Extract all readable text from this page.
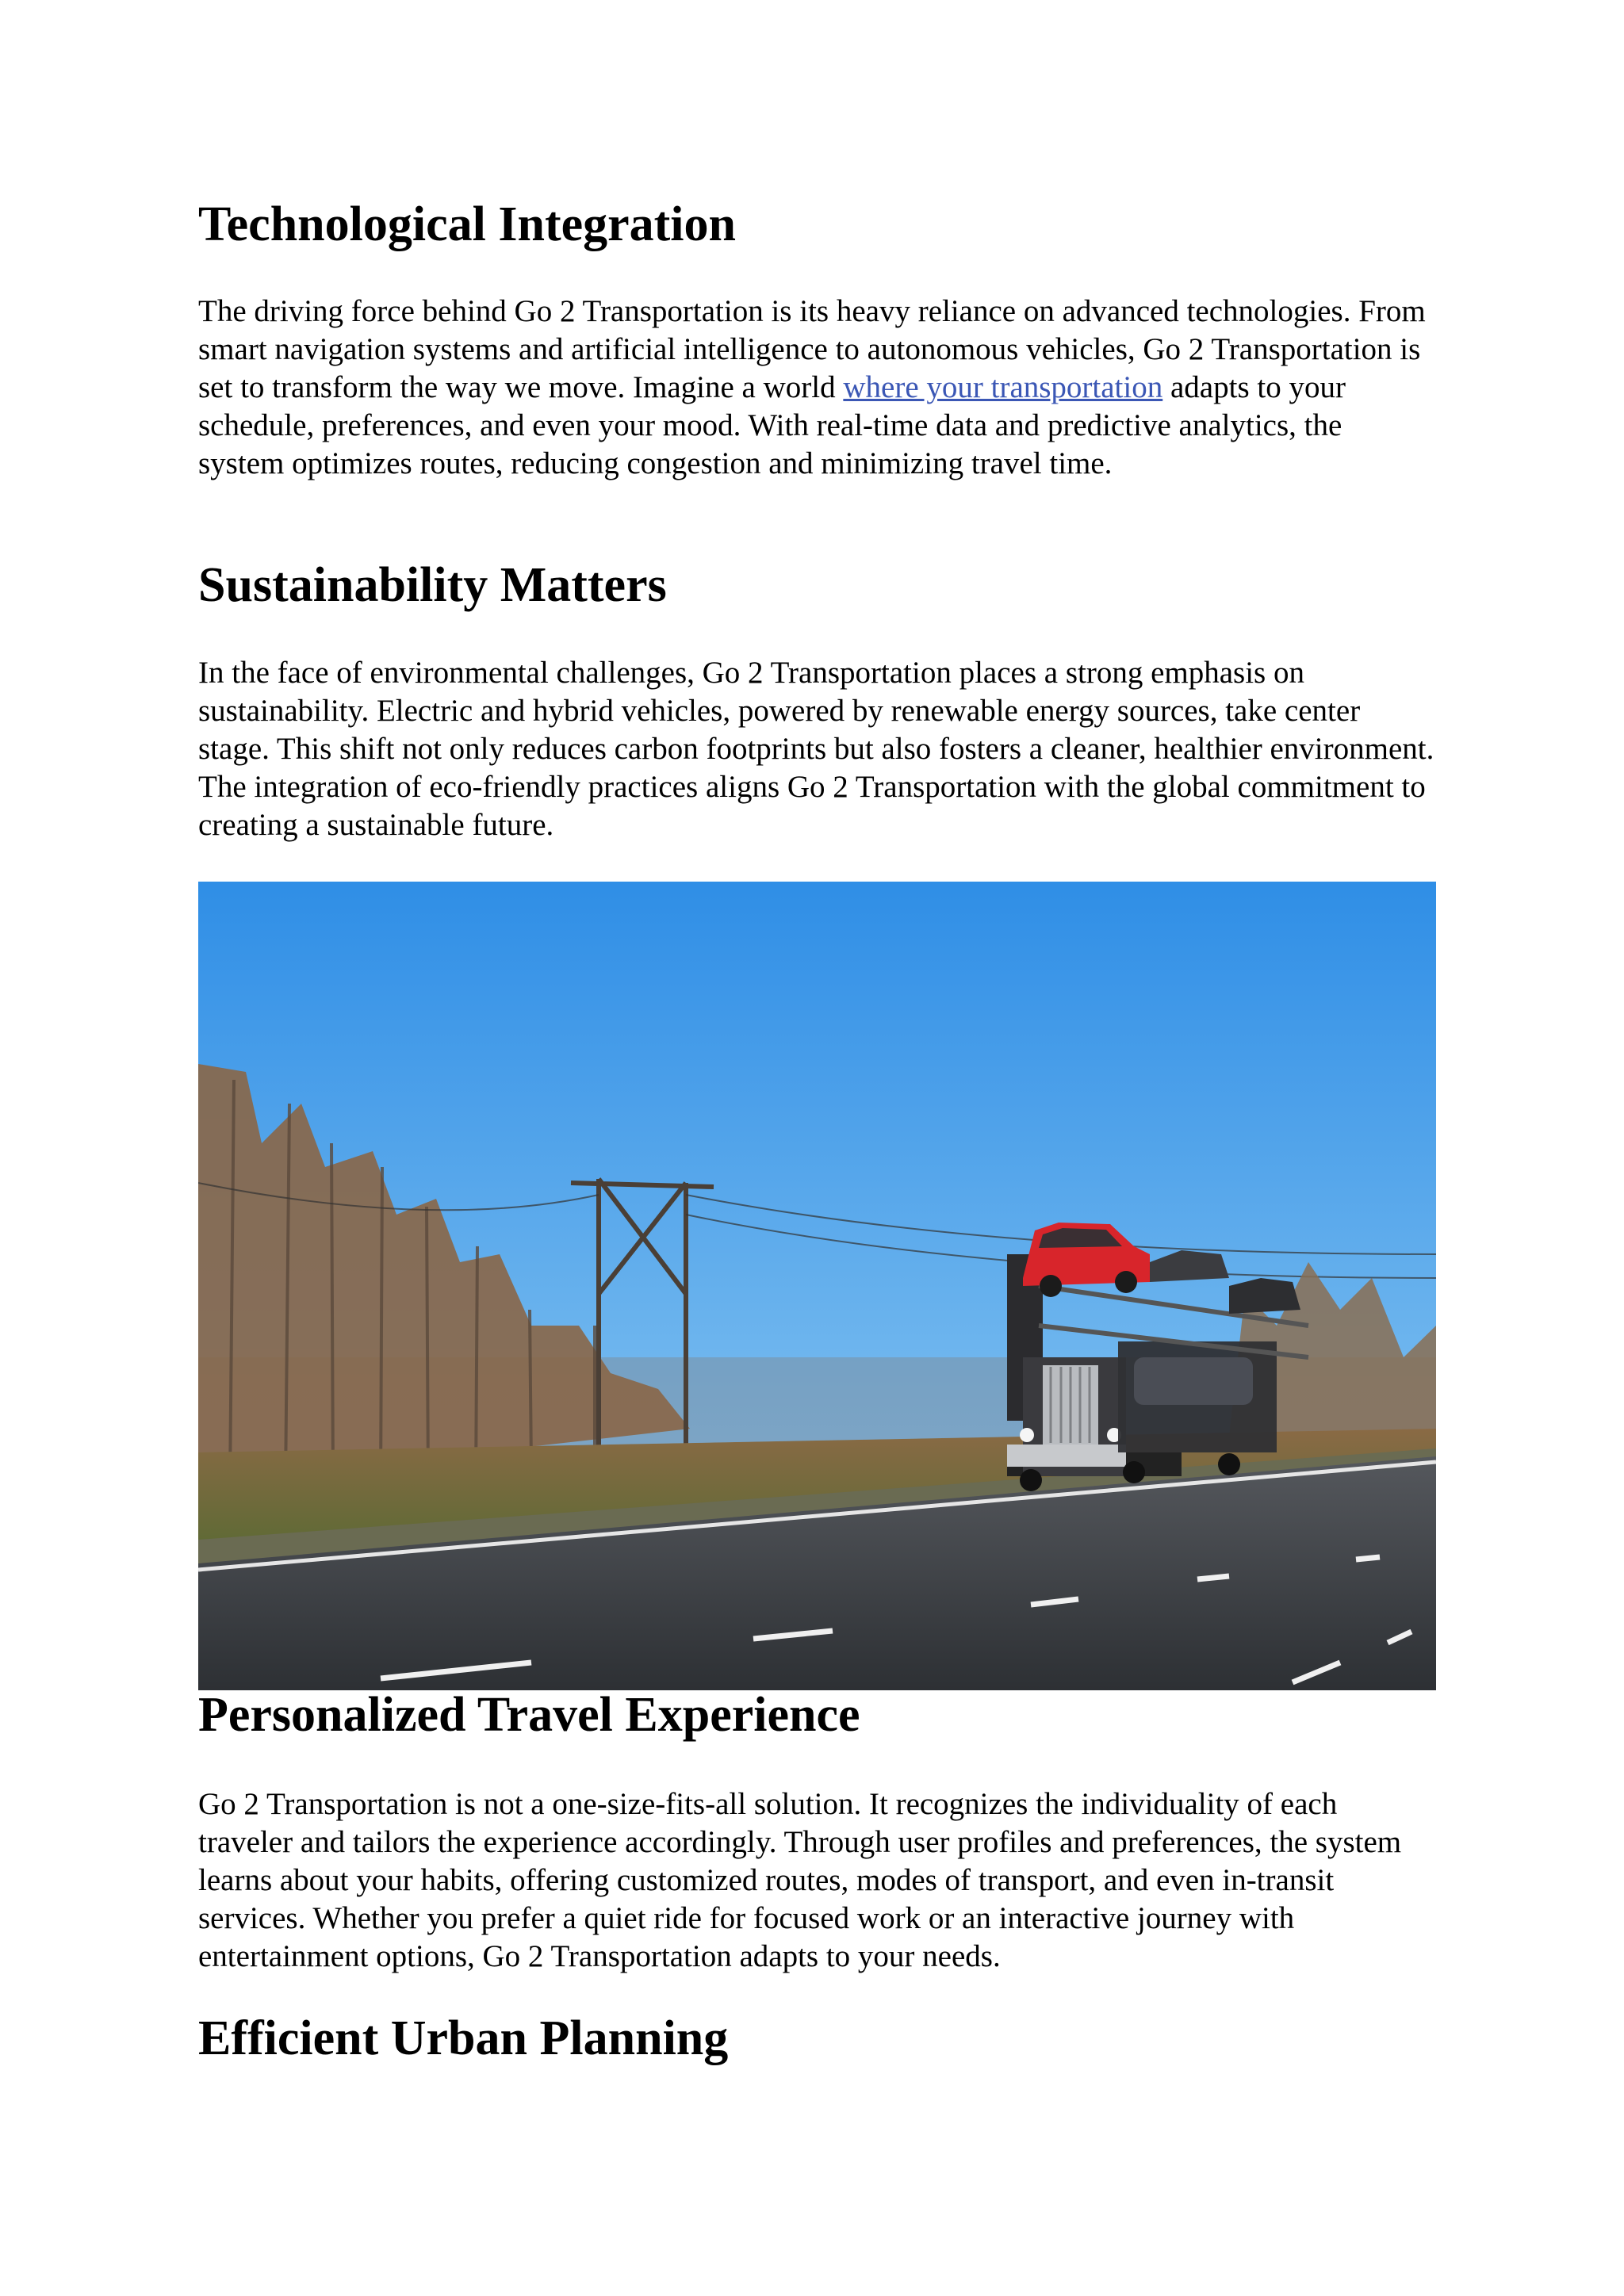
Technological Integration

The driving force behind Go 2 Transportation is its heavy reliance on advanced technologies. From smart navigation systems and artificial intelligence to autonomous vehicles, Go 2 Transportation is set to transform the way we move. Imagine a world where your transportation adapts to your schedule, preferences, and even your mood. With real-time data and predictive analytics, the system optimizes routes, reducing congestion and minimizing travel time.

Sustainability Matters

In the face of environmental challenges, Go 2 Transportation places a strong emphasis on sustainability. Electric and hybrid vehicles, powered by renewable energy sources, take center stage. This shift not only reduces carbon footprints but also fosters a cleaner, healthier environment. The integration of eco-friendly practices aligns Go 2 Transportation with the global commitment to creating a sustainable future.

Personalized Travel Experience

Go 2 Transportation is not a one-size-fits-all solution. It recognizes the individuality of each traveler and tailors the experience accordingly. Through user profiles and preferences, the system learns about your habits, offering customized routes, modes of transport, and even in-transit services. Whether you prefer a quiet ride for focused work or an interactive journey with entertainment options, Go 2 Transportation adapts to your needs.

Efficient Urban Planning
